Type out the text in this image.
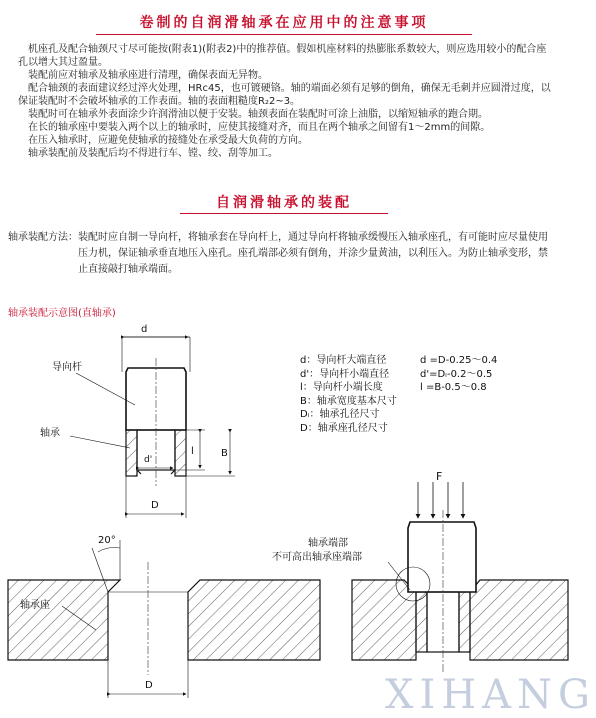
卷制的自润滑轴承在应用中的注意事项

机座孔及配合轴颈尺寸尽可能按(附表1)(附表2)中的推荐值。假如机座材料的热膨胀系数较大，则应选用较小的配合座孔以增大其过盈量。

装配前应对轴承及轴承座进行清理，确保表面无异物。

配合轴颈的表面建议经过淬火处理，HRc45，也可镀硬铬。轴的端面必须有足够的倒角，确保无毛刺并应圆滑过度，以保证装配时不会破坏轴承的工作表面。轴的表面粗糙度R₂2~3。

装配时可在轴承外表面涂少许润滑油以便于安装。轴颈表面在装配时可涂上油脂，以缩短轴承的跑合期。

在长的轴承座中要装入两个以上的轴承时，应使其接缝对齐，而且在两个轴承之间留有1～2mm的间隙。

在压入轴承时，应避免使轴承的接缝处在承受最大负荷的方向。

轴承装配前及装配后均不得进行车、镗、绞、刮等加工。

自润滑轴承的装配
轴承装配方法： 装配时应自制一导向杆，将轴承套在导向杆上，通过导向杆将轴承缓慢压入轴承座孔，有可能时应尽量使用压力机，保证轴承垂直地压入座孔。座孔端部必须有倒角，并涂少量黄油，以利压入。为防止轴承变形，禁止直接敲打轴承端面。
轴承装配示意图(直轴承)
d
导向杆
轴承
d'
l	B
D
20°
轴承座
D
F
轴承端部
不可高出轴承座端部
d：导向杆大端直径
d'：导向杆小端直径
l：导向杆小端长度
B：轴承宽度基本尺寸
Dᵢ：轴承孔径尺寸
D：轴承座孔径尺寸
d =D-0.25～0.4
d'=Dᵢ-0.2～0.5
l =B-0.5～0.8
XIHANG
